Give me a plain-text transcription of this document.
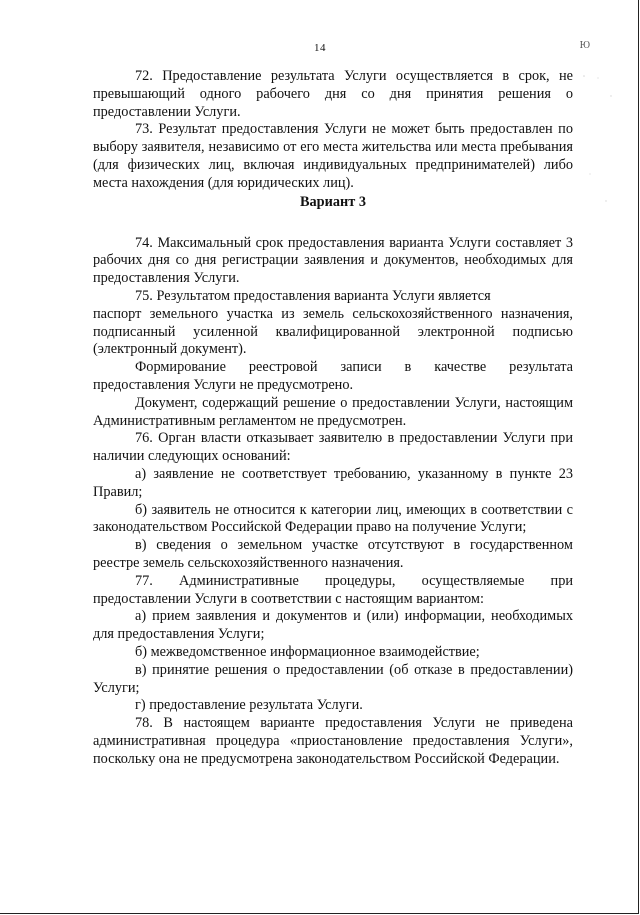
14	Ю

72. Предоставление результата Услуги осуществляется в срок, не превышающий одного рабочего дня со дня принятия решения о предоставлении Услуги.

73. Результат предоставления Услуги не может быть предоставлен по выбору заявителя, независимо от его места жительства или места пребывания (для физических лиц, включая индивидуальных предпринимателей) либо места нахождения (для юридических лиц).

Вариант 3

74. Максимальный срок предоставления варианта Услуги составляет 3 рабочих дня со дня регистрации заявления и документов, необходимых для предоставления Услуги.

75. Результатом предоставления варианта Услуги является

паспорт земельного участка из земель сельскохозяйственного назначения, подписанный усиленной квалифицированной электронной подписью (электронный документ).

Формирование реестровой записи в качестве результата предоставления Услуги не предусмотрено.

Документ, содержащий решение о предоставлении Услуги, настоящим Административным регламентом не предусмотрен.

76. Орган власти отказывает заявителю в предоставлении Услуги при наличии следующих оснований:

а) заявление не соответствует требованию, указанному в пункте 23 Правил;

б) заявитель не относится к категории лиц, имеющих в соответствии с законодательством Российской Федерации право на получение Услуги;

в) сведения о земельном участке отсутствуют в государственном реестре земель сельскохозяйственного назначения.

77. Административные процедуры, осуществляемые при предоставлении Услуги в соответствии с настоящим вариантом:

а) прием заявления и документов и (или) информации, необходимых для предоставления Услуги;

б) межведомственное информационное взаимодействие;

в) принятие решения о предоставлении (об отказе в предоставлении) Услуги;

г) предоставление результата Услуги.

78. В настоящем варианте предоставления Услуги не приведена административная процедура «приостановление предоставления Услуги», поскольку она не предусмотрена законодательством Российской Федерации.
